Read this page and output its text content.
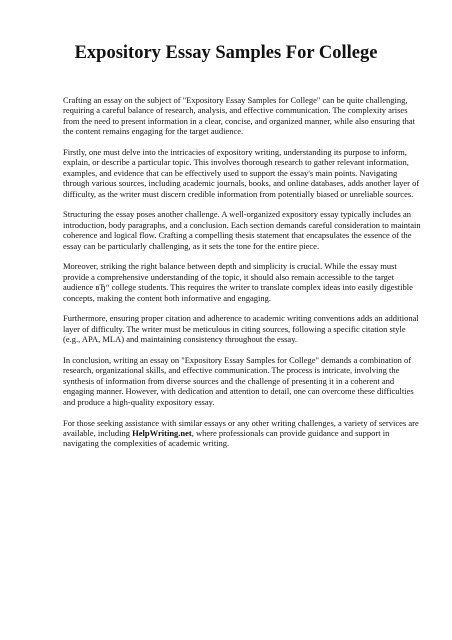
Expository Essay Samples For College

Crafting an essay on the subject of "Expository Essay Samples for College" can be quite challenging, requiring a careful balance of research, analysis, and effective communication. The complexity arises from the need to present information in a clear, concise, and organized manner, while also ensuring that the content remains engaging for the target audience.

Firstly, one must delve into the intricacies of expository writing, understanding its purpose to inform, explain, or describe a particular topic. This involves thorough research to gather relevant information, examples, and evidence that can be effectively used to support the essay's main points. Navigating through various sources, including academic journals, books, and online databases, adds another layer of difficulty, as the writer must discern credible information from potentially biased or unreliable sources.

Structuring the essay poses another challenge. A well-organized expository essay typically includes an introduction, body paragraphs, and a conclusion. Each section demands careful consideration to maintain coherence and logical flow. Crafting a compelling thesis statement that encapsulates the essence of the essay can be particularly challenging, as it sets the tone for the entire piece.

Moreover, striking the right balance between depth and simplicity is crucial. While the essay must provide a comprehensive understanding of the topic, it should also remain accessible to the target audience вЂ“ college students. This requires the writer to translate complex ideas into easily digestible concepts, making the content both informative and engaging.

Furthermore, ensuring proper citation and adherence to academic writing conventions adds an additional layer of difficulty. The writer must be meticulous in citing sources, following a specific citation style (e.g., APA, MLA) and maintaining consistency throughout the essay.

In conclusion, writing an essay on "Expository Essay Samples for College" demands a combination of research, organizational skills, and effective communication. The process is intricate, involving the synthesis of information from diverse sources and the challenge of presenting it in a coherent and engaging manner. However, with dedication and attention to detail, one can overcome these difficulties and produce a high-quality expository essay.

For those seeking assistance with similar essays or any other writing challenges, a variety of services are available, including HelpWriting.net, where professionals can provide guidance and support in navigating the complexities of academic writing.
